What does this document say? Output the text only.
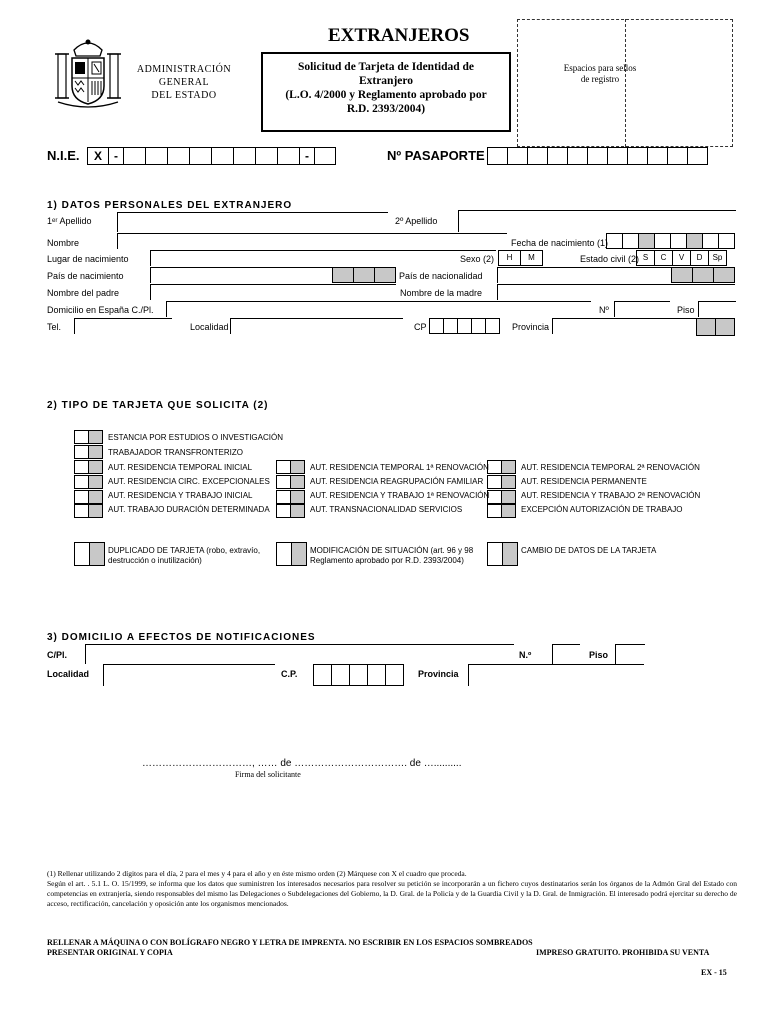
EXTRANJEROS
ADMINISTRACIÓN
GENERAL
DEL ESTADO
Solicitud de Tarjeta de Identidad de
Extranjero
(L.O. 4/2000 y Reglamento aprobado por
R.D. 2393/2004)
Espacios para sellos
de registro
N.I.E.	X	-	-	Nº PASAPORTE
1) DATOS PERSONALES DEL EXTRANJERO
1ᵉʳ Apellido	2º Apellido
Nombre	Fecha de nacimiento (1)
Lugar de nacimiento	Sexo (2)	H	M	Estado civil (2) S	C	V	D	Sp
País de nacimiento	País de nacionalidad
Nombre del padre	Nombre de la madre
Domicilio en España C./Pl.	Nº	Piso
Tel.	Localidad	CP	Provincia
2) TIPO DE TARJETA QUE SOLICITA (2)
ESTANCIA POR ESTUDIOS O INVESTIGACIÓN
TRABAJADOR TRANSFRONTERIZO
AUT. RESIDENCIA TEMPORAL INICIAL
AUT. RESIDENCIA CIRC. EXCEPCIONALES
AUT. RESIDENCIA Y TRABAJO INICIAL
AUT. TRABAJO DURACIÓN DETERMINADA
AUT. RESIDENCIA TEMPORAL 1ª RENOVACIÓN
AUT. RESIDENCIA REAGRUPACIÓN FAMILIAR
AUT. RESIDENCIA Y TRABAJO 1ª RENOVACIÓN
AUT. TRANSNACIONALIDAD SERVICIOS
AUT. RESIDENCIA TEMPORAL 2ª RENOVACIÓN
AUT. RESIDENCIA PERMANENTE
AUT. RESIDENCIA Y TRABAJO 2ª RENOVACIÓN
EXCEPCIÓN AUTORIZACIÓN DE TRABAJO
DUPLICADO DE TARJETA (robo, extravío,
destrucción o inutilización)
MODIFICACIÓN DE SITUACIÓN (art. 96 y 98
Reglamento aprobado por R.D. 2393/2004)
CAMBIO DE DATOS DE LA TARJETA
3) DOMICILIO A EFECTOS DE NOTIFICACIONES
C/Pl.	N.º	Piso
Localidad	C.P.	Provincia
……………………………, …… de ……………………………. de …..........
Firma del solicitante
(1) Rellenar utilizando 2 dígitos para el día, 2 para el mes y 4 para el año y en éste mismo orden (2) Márquese con X el cuadro que proceda.
Según el art. . 5.1 L. O. 15/1999, se informa que los datos que suministren los interesados necesarios para resolver su petición se incorporarán a un fichero cuyos destinatarios serán los órganos de la Admón Gral del Estado con competencias en extranjería, siendo responsables del mismo las Delegaciones o Subdelegaciones del Gobierno, la D. Gral. de la Policía y de la Guardia Civil y la D. Gral. de Inmigración. El interesado podrá ejercitar su derecho de acceso, rectificación, cancelación y oposición ante los organismos mencionados.
RELLENAR A MÁQUINA O CON BOLÍGRAFO NEGRO Y LETRA DE IMPRENTA. NO ESCRIBIR EN LOS ESPACIOS SOMBREADOS
PRESENTAR ORIGINAL Y COPIA	IMPRESO GRATUITO. PROHIBIDA SU VENTA
EX - 15
